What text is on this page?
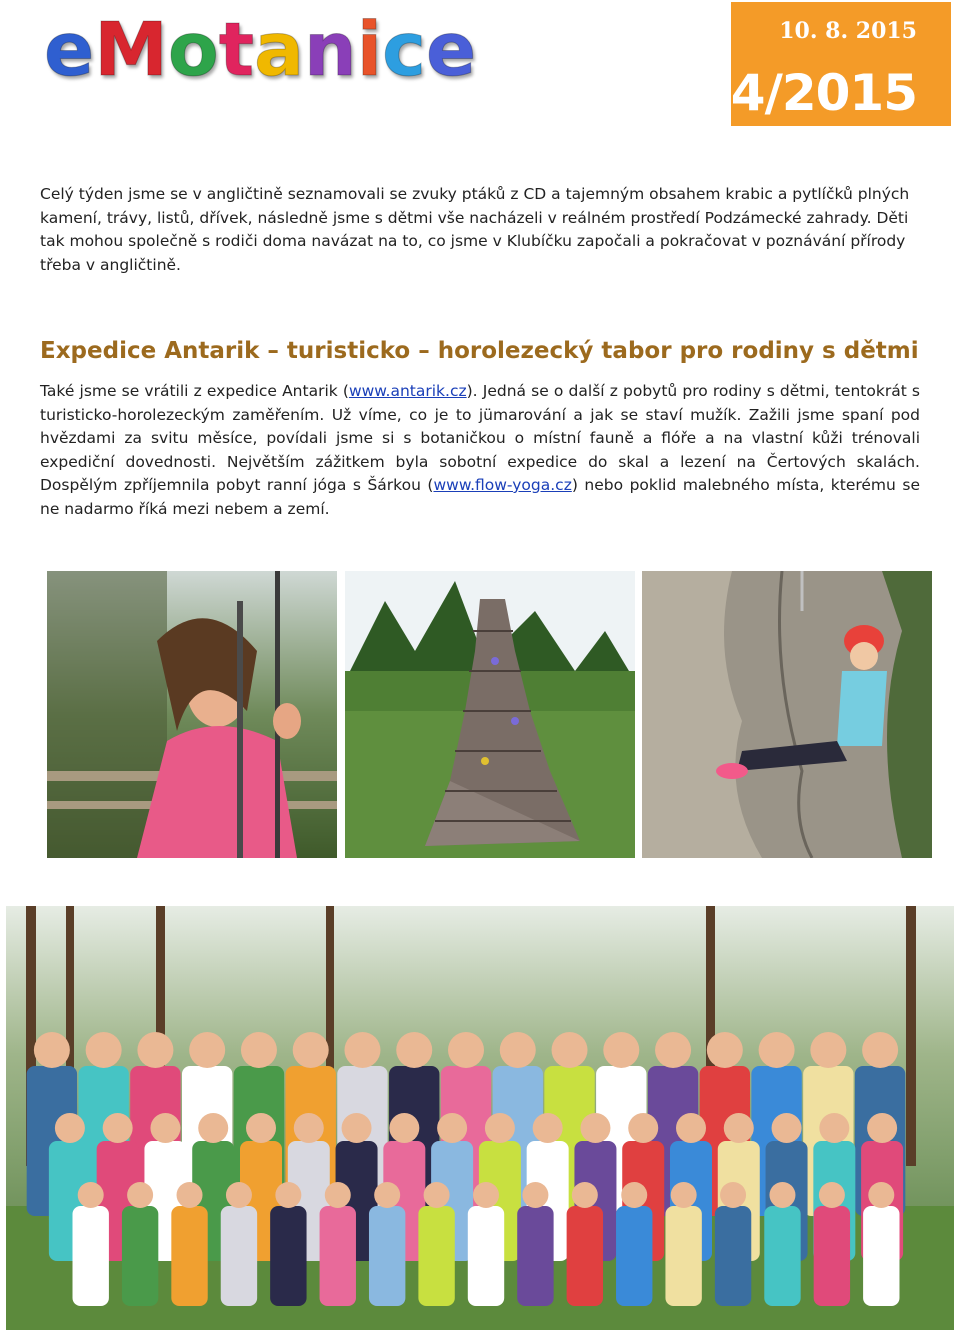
eMotanice	10. 8. 2015
4/2015

Celý týden jsme se v angličtině seznamovali se zvuky ptáků z CD a tajemným obsahem krabic a pytlíčků plných kamení, trávy, listů, dřívek, následně jsme s dětmi vše nacházeli v reálném prostředí Podzámecké zahrady. Děti tak mohou společně s rodiči doma navázat na to, co jsme v Klubíčku započali a pokračovat v poznávání přírody třeba v angličtině.

Expedice Antarik – turisticko – horolezecký tabor pro rodiny s dětmi

Také jsme se vrátili z expedice Antarik (www.antarik.cz). Jedná se o další z pobytů pro rodiny s dětmi, tentokrát s turisticko-horolezeckým zaměřením. Už víme, co je to jümarování a jak se staví mužík. Zažili jsme spaní pod hvězdami za svitu měsíce, povídali jsme si s botaničkou o místní fauně a flóře a na vlastní kůži trénovali expediční dovednosti. Největším zážitkem byla sobotní expedice do skal a lezení na Čertových skalách. Dospělým zpříjemnila pobyt ranní jóga s Šárkou (www.flow-yoga.cz) nebo poklid malebného místa, kterému se ne nadarmo říká mezi nebem a zemí.
